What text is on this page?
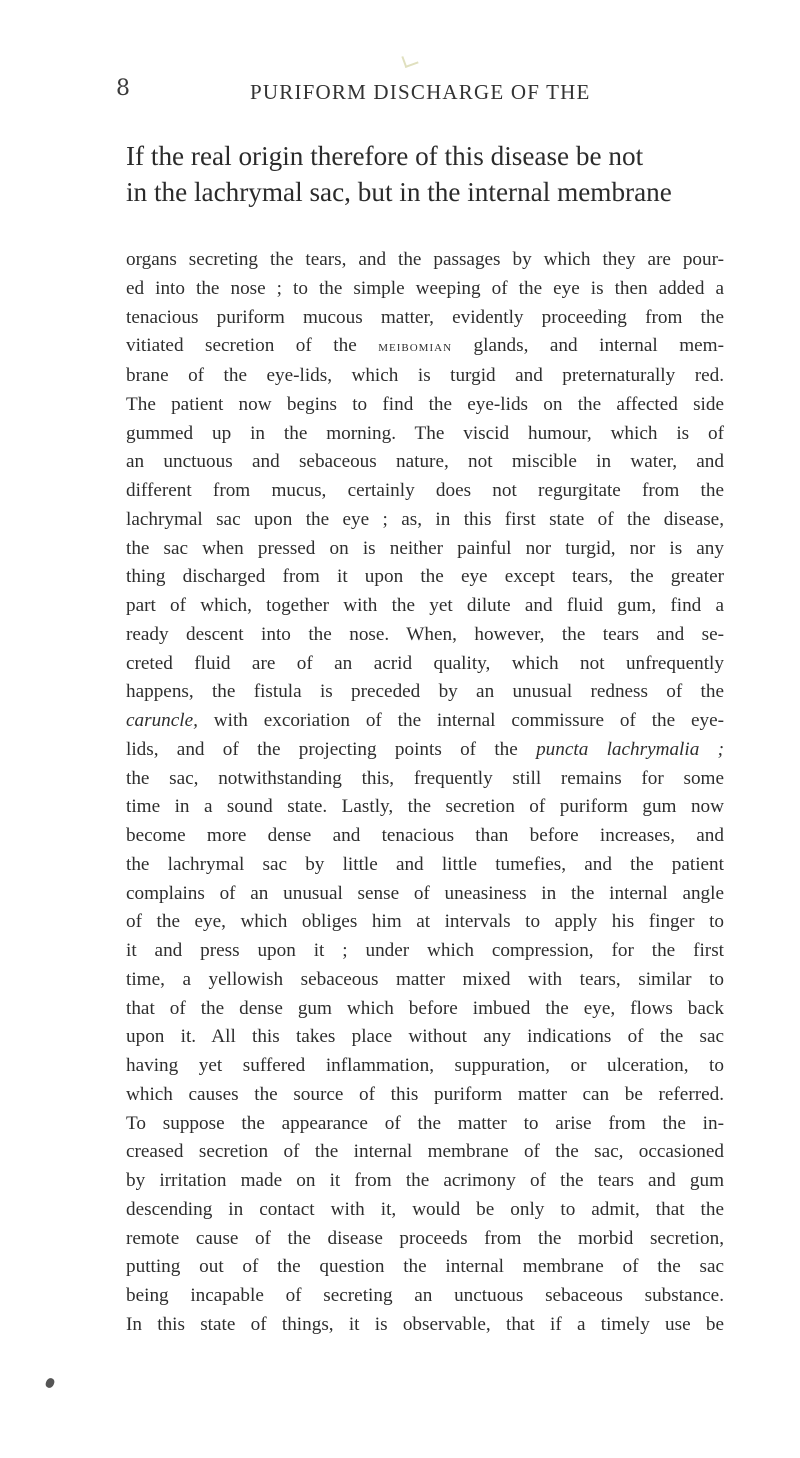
8	PURIFORM DISCHARGE OF THE
If the real origin therefore of this disease be not
in the lachrymal sac, but in the internal membrane
organs secreting the tears, and the passages by which they are pour-
ed into the nose ; to the simple weeping of the eye is then added a
tenacious puriform mucous matter, evidently proceeding from the
vitiated secretion of the meibomian glands, and internal mem-
brane of the eye-lids, which is turgid and preternaturally red.
The patient now begins to find the eye-lids on the affected side
gummed up in the morning. The viscid humour, which is of
an unctuous and sebaceous nature, not miscible in water, and
different from mucus, certainly does not regurgitate from the
lachrymal sac upon the eye ; as, in this first state of the disease,
the sac when pressed on is neither painful nor turgid, nor is any
thing discharged from it upon the eye except tears, the greater
part of which, together with the yet dilute and fluid gum, find a
ready descent into the nose. When, however, the tears and se-
creted fluid are of an acrid quality, which not unfrequently
happens, the fistula is preceded by an unusual redness of the
caruncle, with excoriation of the internal commissure of the eye-
lids, and of the projecting points of the puncta lachrymalia ;
the sac, notwithstanding this, frequently still remains for some
time in a sound state. Lastly, the secretion of puriform gum now
become more dense and tenacious than before increases, and
the lachrymal sac by little and little tumefies, and the patient
complains of an unusual sense of uneasiness in the internal angle
of the eye, which obliges him at intervals to apply his finger to
it and press upon it ; under which compression, for the first
time, a yellowish sebaceous matter mixed with tears, similar to
that of the dense gum which before imbued the eye, flows back
upon it. All this takes place without any indications of the sac
having yet suffered inflammation, suppuration, or ulceration, to
which causes the source of this puriform matter can be referred.
To suppose the appearance of the matter to arise from the in-
creased secretion of the internal membrane of the sac, occasioned
by irritation made on it from the acrimony of the tears and gum
descending in contact with it, would be only to admit, that the
remote cause of the disease proceeds from the morbid secretion,
putting out of the question the internal membrane of the sac
being incapable of secreting an unctuous sebaceous substance.
In this state of things, it is observable, that if a timely use be
